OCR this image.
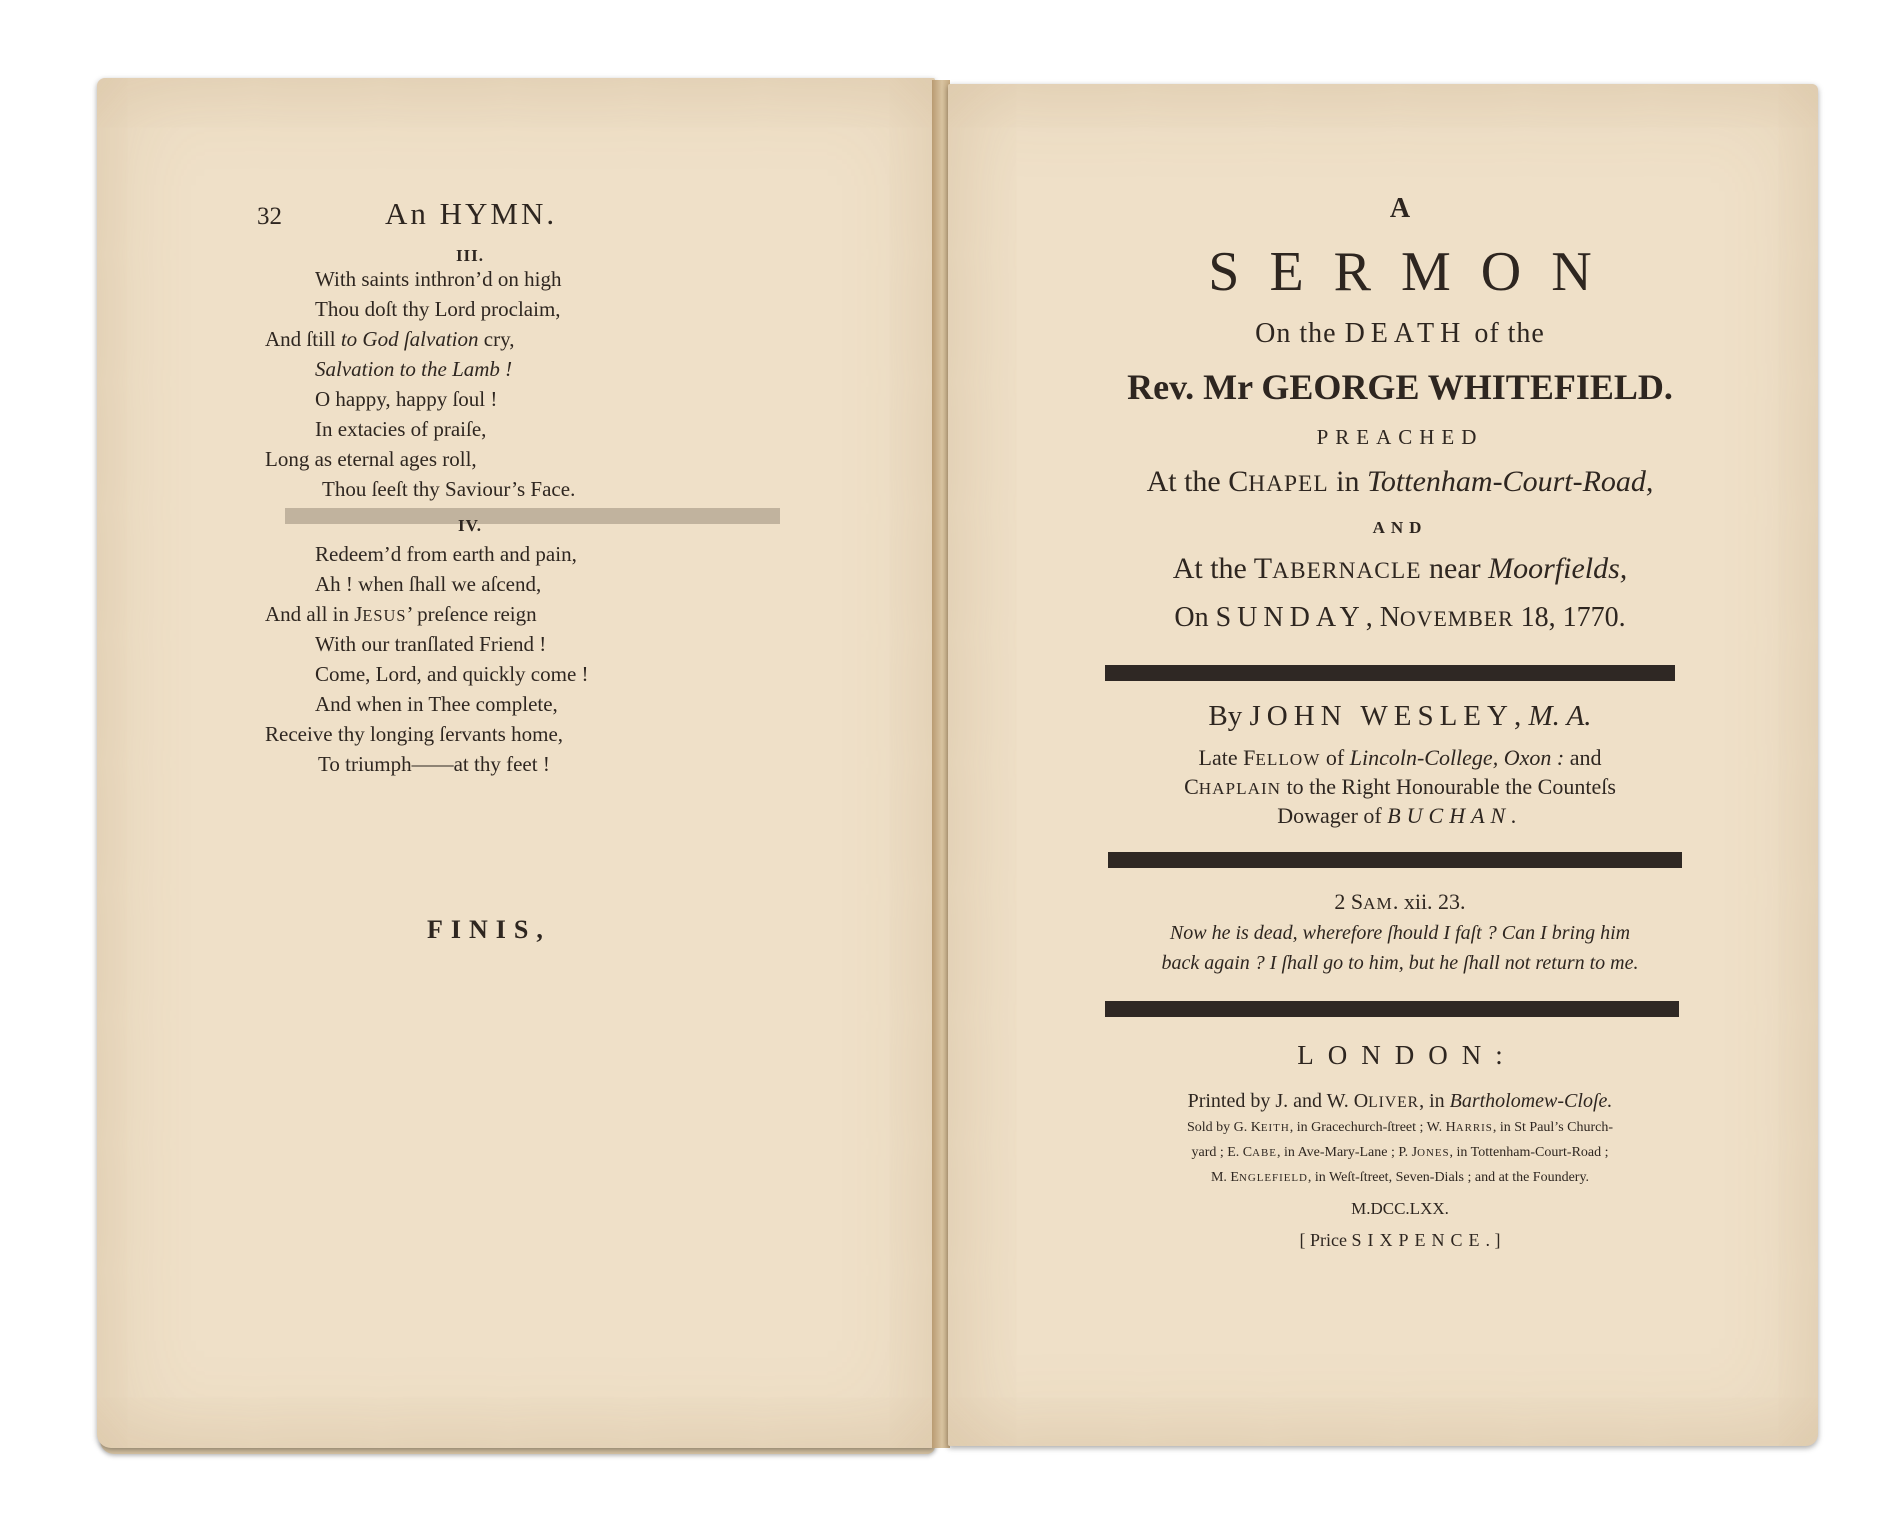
32	An HYMN.
III.
With saints inthron’d on high
Thou doſt thy Lord proclaim,
And ſtill to God ſalvation cry,
Salvation to the Lamb !
O happy, happy ſoul !
In extacies of praiſe,
Long as eternal ages roll,
Thou ſeeſt thy Saviour’s Face.
IV.
Redeem’d from earth and pain,
Ah ! when ſhall we aſcend,
And all in JESUS’ preſence reign
With our tranſlated Friend !
Come, Lord, and quickly come !
And when in Thee complete,
Receive thy longing ſervants home,
To triumph——at thy feet !
FINIS,
A
SERMON
On the DEATH of the
Rev. Mr GEORGE WHITEFIELD.
PREACHED
At the CHAPEL in Tottenham-Court-Road,
AND
At the TABERNACLE near Moorfields,
On SUNDAY, NOVEMBER 18, 1770.
By JOHN WESLEY, M. A.
Late FELLOW of Lincoln-College, Oxon : and
CHAPLAIN to the Right Honourable the Counteſs
Dowager of BUCHAN.
2 SAM. xii. 23.
Now he is dead, wherefore ſhould I faſt ? Can I bring him
back again ? I ſhall go to him, but he ſhall not return to me.
LONDON:
Printed by J. and W. OLIVER, in Bartholomew-Cloſe.
Sold by G. KEITH, in Gracechurch-ſtreet ; W. HARRIS, in St Paul’s Church-
yard ; E. CABE, in Ave-Mary-Lane ; P. JONES, in Tottenham-Court-Road ;
M. ENGLEFIELD, in Weſt-ſtreet, Seven-Dials ; and at the Foundery.
M.DCC.LXX.
[ Price SIXPENCE. ]
